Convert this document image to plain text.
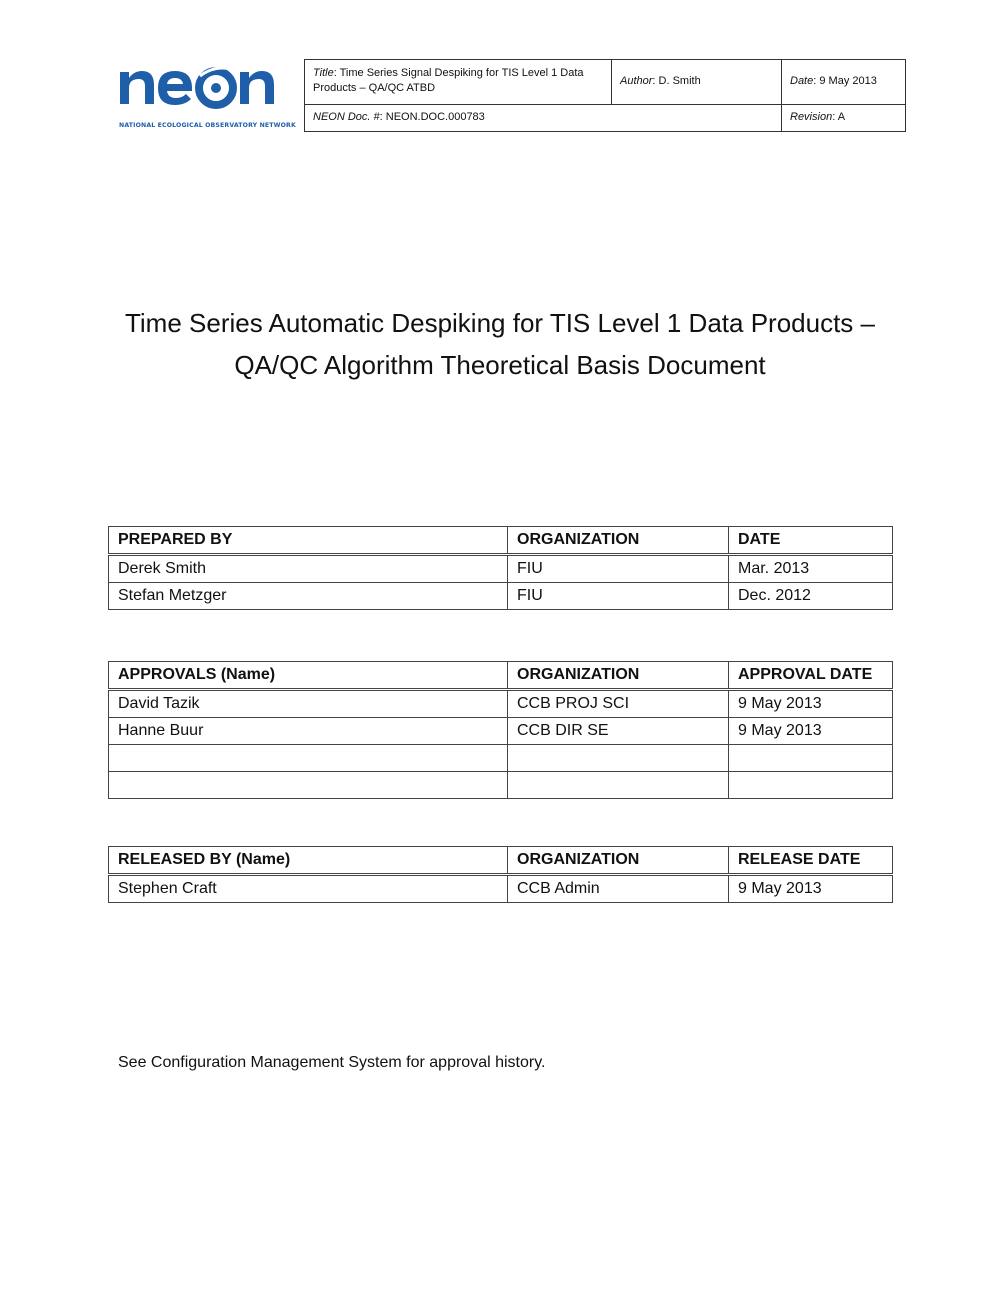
NATIONAL ECOLOGICAL OBSERVATORY NETWORK
Title: Time Series Signal Despiking for TIS Level 1 Data Products – QA/QC ATBD	Author: D. Smith	Date: 9 May 2013
NEON Doc. #: NEON.DOC.000783		Revision: A
Time Series Automatic Despiking for TIS Level 1 Data Products –
QA/QC Algorithm Theoretical Basis Document
PREPARED BY	ORGANIZATION	DATE
Derek Smith	FIU	Mar. 2013
Stefan Metzger	FIU	Dec. 2012
APPROVALS (Name)	ORGANIZATION	APPROVAL DATE
David Tazik	CCB PROJ SCI	9 May 2013
Hanne Buur	CCB DIR SE	9 May 2013

RELEASED BY (Name)	ORGANIZATION	RELEASE DATE
Stephen Craft	CCB Admin	9 May 2013
See Configuration Management System for approval history.
